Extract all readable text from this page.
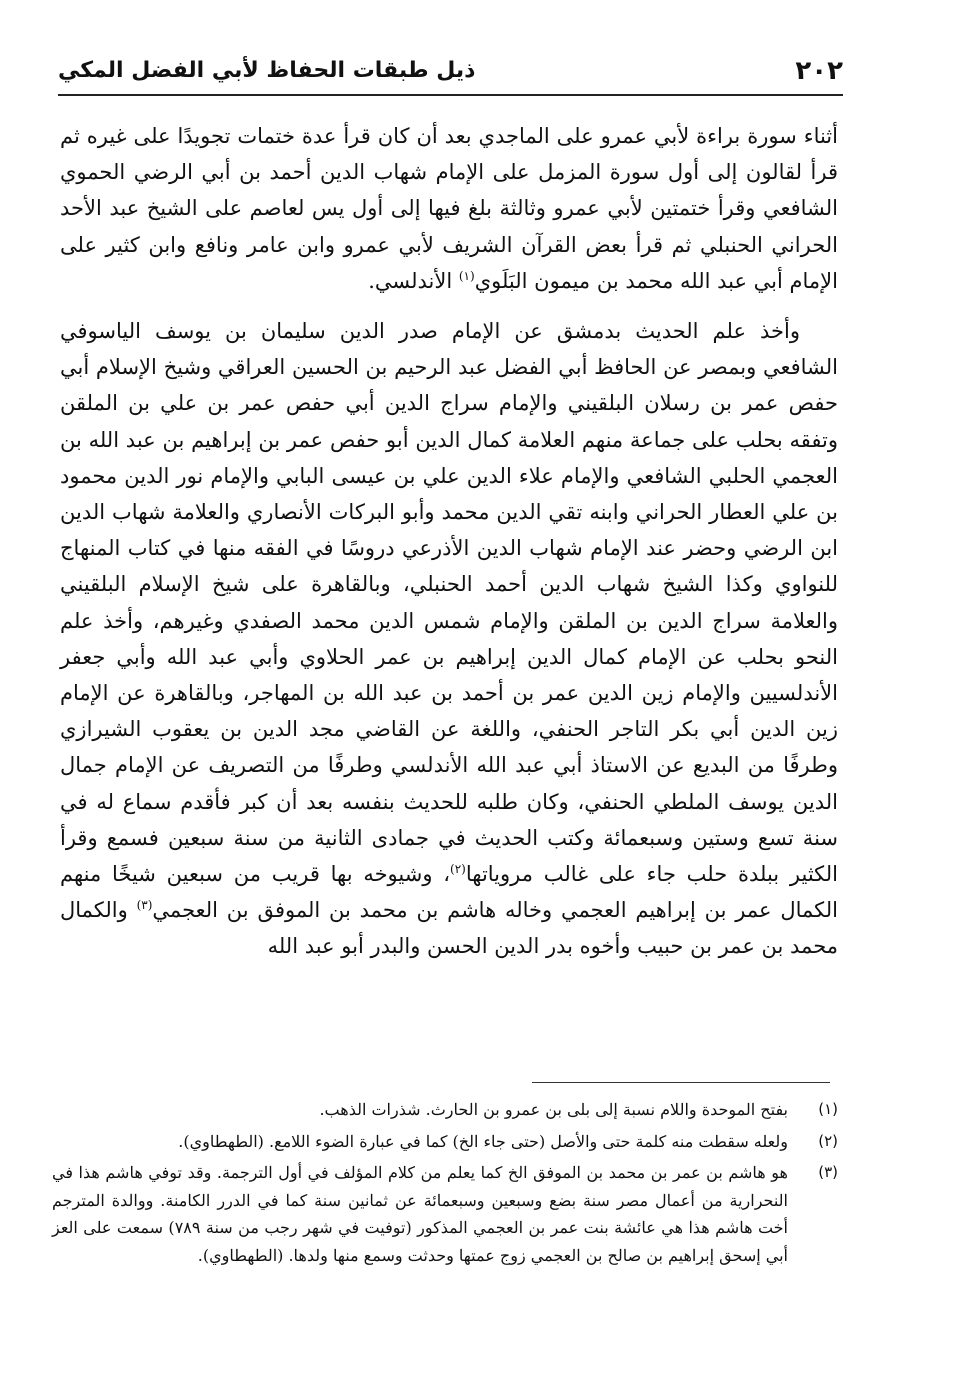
٢٠٢
ذيل طبقات الحفاظ لأبي الفضل المكي

أثناء سورة براءة لأبي عمرو على الماجدي بعد أن كان قرأ عدة ختمات تجويدًا على غيره ثم قرأ لقالون إلى أول سورة المزمل على الإمام شهاب الدين أحمد بن أبي الرضي الحموي الشافعي وقرأ ختمتين لأبي عمرو وثالثة بلغ فيها إلى أول يس لعاصم على الشيخ عبد الأحد الحراني الحنبلي ثم قرأ بعض القرآن الشريف لأبي عمرو وابن عامر ونافع وابن كثير على الإمام أبي عبد الله محمد بن ميمون البَلَوي$^{(١)}$ الأندلسي.

وأخذ علم الحديث بدمشق عن الإمام صدر الدين سليمان بن يوسف الياسوفي الشافعي وبمصر عن الحافظ أبي الفضل عبد الرحيم بن الحسين العراقي وشيخ الإسلام أبي حفص عمر بن رسلان البلقيني والإمام سراج الدين أبي حفص عمر بن علي بن الملقن وتفقه بحلب على جماعة منهم العلامة كمال الدين أبو حفص عمر بن إبراهيم بن عبد الله بن العجمي الحلبي الشافعي والإمام علاء الدين علي بن عيسى البابي والإمام نور الدين محمود بن علي العطار الحراني وابنه تقي الدين محمد وأبو البركات الأنصاري والعلامة شهاب الدين ابن الرضي وحضر عند الإمام شهاب الدين الأذرعي دروسًا في الفقه منها في كتاب المنهاج للنواوي وكذا الشيخ شهاب الدين أحمد الحنبلي، وبالقاهرة على شيخ الإسلام البلقيني والعلامة سراج الدين بن الملقن والإمام شمس الدين محمد الصفدي وغيرهم، وأخذ علم النحو بحلب عن الإمام كمال الدين إبراهيم بن عمر الحلاوي وأبي عبد الله وأبي جعفر الأندلسيين والإمام زين الدين عمر بن أحمد بن عبد الله بن المهاجر، وبالقاهرة عن الإمام زين الدين أبي بكر التاجر الحنفي، واللغة عن القاضي مجد الدين بن يعقوب الشيرازي وطرفًا من البديع عن الاستاذ أبي عبد الله الأندلسي وطرفًا من التصريف عن الإمام جمال الدين يوسف الملطي الحنفي، وكان طلبه للحديث بنفسه بعد أن كبر فأقدم سماع له في سنة تسع وستين وسبعمائة وكتب الحديث في جمادى الثانية من سنة سبعين فسمع وقرأ الكثير ببلدة حلب جاء على غالب مروياتها$^{(٢)}$، وشيوخه بها قريب من سبعين شيخًا منهم الكمال عمر بن إبراهيم العجمي وخاله هاشم بن محمد بن الموفق بن العجمي$^{(٣)}$ والكمال محمد بن عمر بن حبيب وأخوه بدر الدين الحسن والبدر أبو عبد الله

(١)
بفتح الموحدة واللام نسبة إلى بلى بن عمرو بن الحارث. شذرات الذهب.
(٢)
ولعله سقطت منه كلمة حتى والأصل (حتى جاء الخ) كما في عبارة الضوء اللامع. (الطهطاوي).
(٣)
هو هاشم بن عمر بن محمد بن الموفق الخ كما يعلم من كلام المؤلف في أول الترجمة. وقد توفي هاشم هذا في النحرارية من أعمال مصر سنة بضع وسبعين وسبعمائة عن ثمانين سنة كما في الدرر الكامنة. ووالدة المترجم أخت هاشم هذا هي عائشة بنت عمر بن العجمي المذكور (توفيت في شهر رجب من سنة ٧٨٩) سمعت على العز أبي إسحق إبراهيم بن صالح بن العجمي زوج عمتها وحدثت وسمع منها ولدها. (الطهطاوي).
